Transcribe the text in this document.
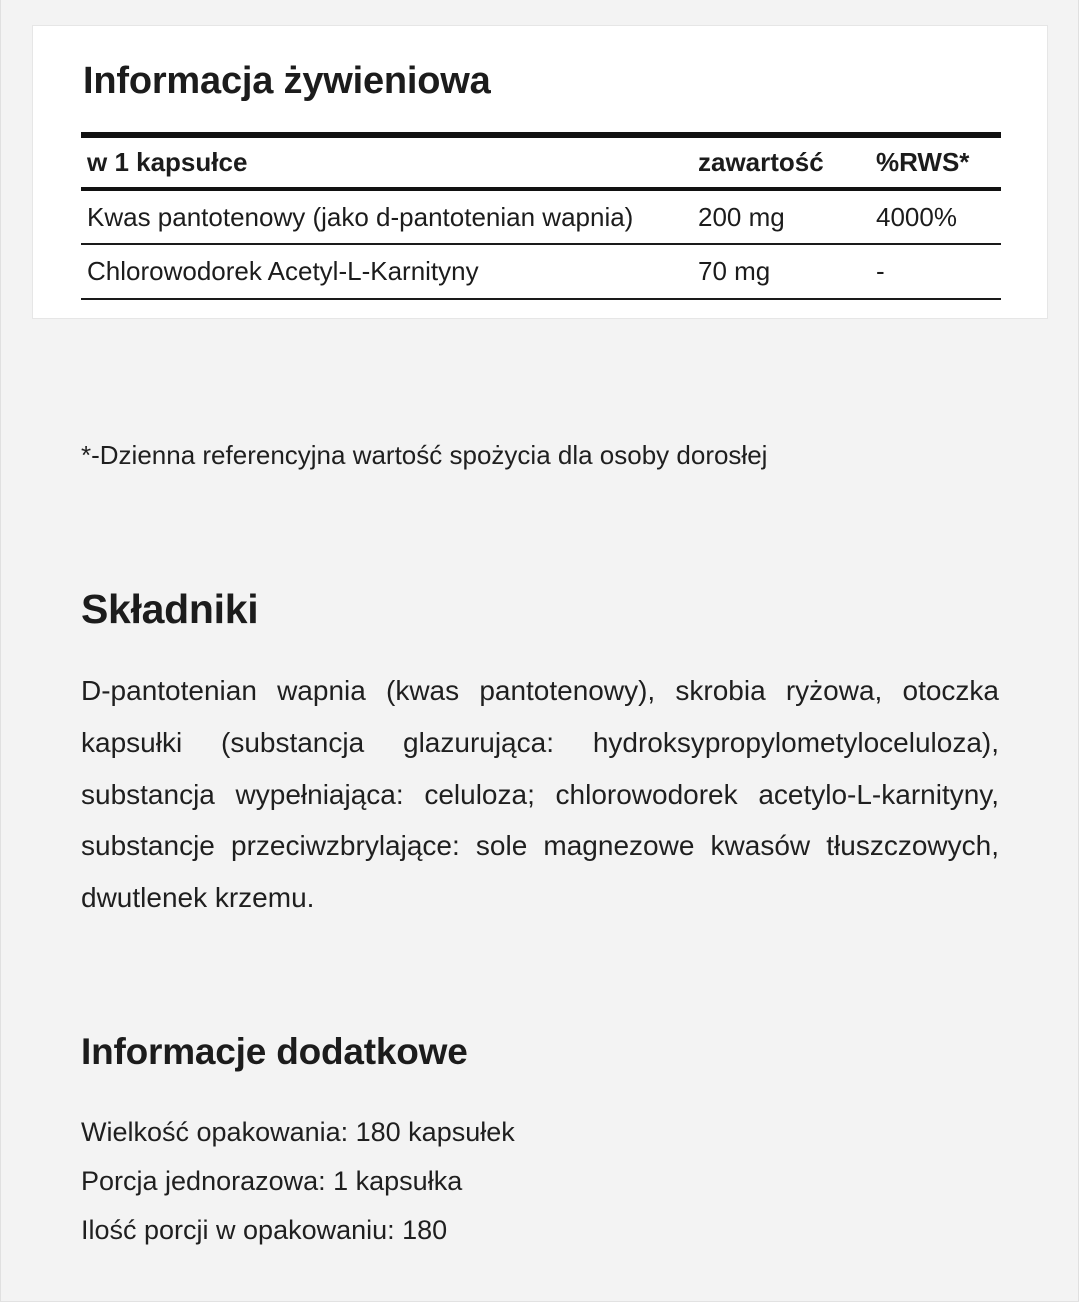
Informacja żywieniowa
w 1 kapsułce	zawartość	%RWS*
Kwas pantotenowy (jako d-pantotenian wapnia)	200 mg	4000%
Chlorowodorek Acetyl-L-Karnityny	70 mg	-

*-Dzienna referencyjna wartość spożycia dla osoby dorosłej

Składniki

D-pantotenian wapnia (kwas pantotenowy), skrobia ryżowa, otoczka kapsułki (substancja glazurująca: hydroksypropylometyloceluloza), substancja wypełniająca: celuloza; chlorowodorek acetylo-L-karnityny, substancje przeciwzbrylające: sole magnezowe kwasów tłuszczowych, dwutlenek krzemu.

Informacje dodatkowe
Wielkość opakowania: 180 kapsułek
Porcja jednorazowa: 1 kapsułka
Ilość porcji w opakowaniu: 180
